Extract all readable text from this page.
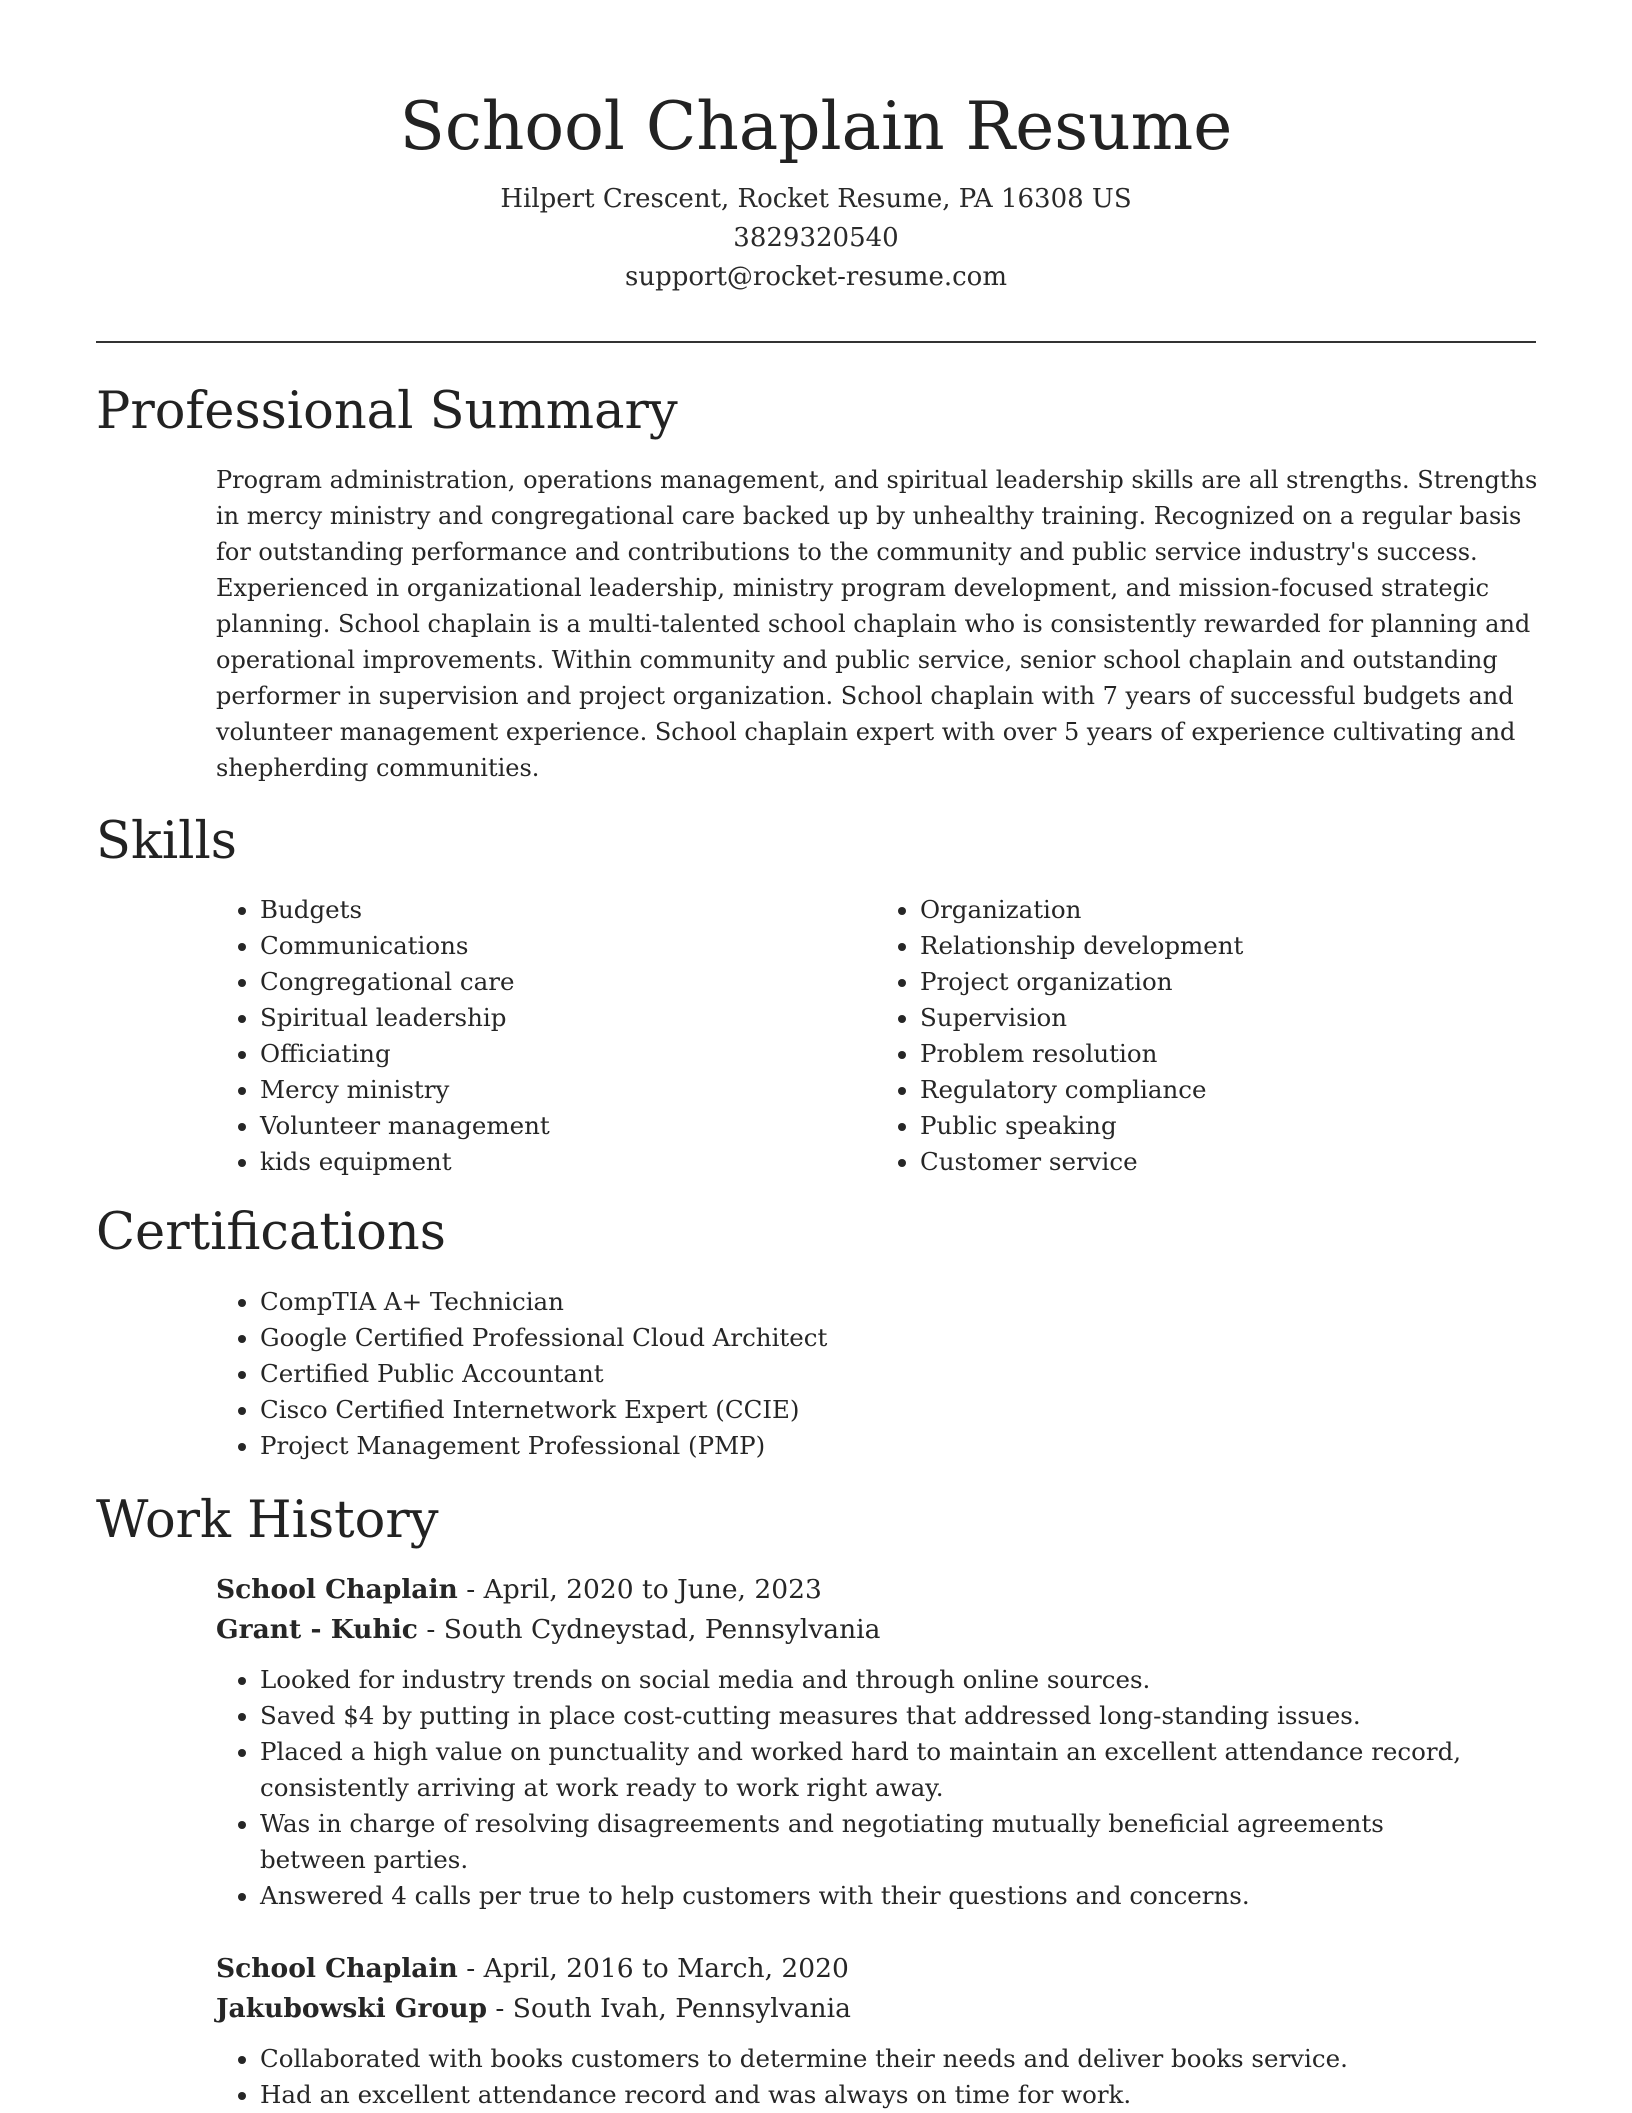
School Chaplain Resume
Hilpert Crescent, Rocket Resume, PA 16308 US
3829320540
support@rocket-resume.com
Professional Summary

Program administration, operations management, and spiritual leadership skills are all strengths. Strengths in mercy ministry and congregational care backed up by unhealthy training. Recognized on a regular basis for outstanding performance and contributions to the community and public service industry's success. Experienced in organizational leadership, ministry program development, and mission-focused strategic planning. School chaplain is a multi-talented school chaplain who is consistently rewarded for planning and operational improvements. Within community and public service, senior school chaplain and outstanding performer in supervision and project organization. School chaplain with 7 years of successful budgets and volunteer management experience. School chaplain expert with over 5 years of experience cultivating and shepherding communities.

Skills
• Budgets
• Communications
• Congregational care
• Spiritual leadership
• Officiating
• Mercy ministry
• Volunteer management
• kids equipment
• Organization
• Relationship development
• Project organization
• Supervision
• Problem resolution
• Regulatory compliance
• Public speaking
• Customer service
Certifications
• CompTIA A+ Technician
• Google Certified Professional Cloud Architect
• Certified Public Accountant
• Cisco Certified Internetwork Expert (CCIE)
• Project Management Professional (PMP)
Work History
School Chaplain - April, 2020 to June, 2023
Grant - Kuhic - South Cydneystad, Pennsylvania
• Looked for industry trends on social media and through online sources.
• Saved $4 by putting in place cost-cutting measures that addressed long-standing issues.
• Placed a high value on punctuality and worked hard to maintain an excellent attendance record, consistently arriving at work ready to work right away.
• Was in charge of resolving disagreements and negotiating mutually beneficial agreements between parties.
• Answered 4 calls per true to help customers with their questions and concerns.
School Chaplain - April, 2016 to March, 2020
Jakubowski Group - South Ivah, Pennsylvania
• Collaborated with books customers to determine their needs and deliver books service.
• Had an excellent attendance record and was always on time for work.
